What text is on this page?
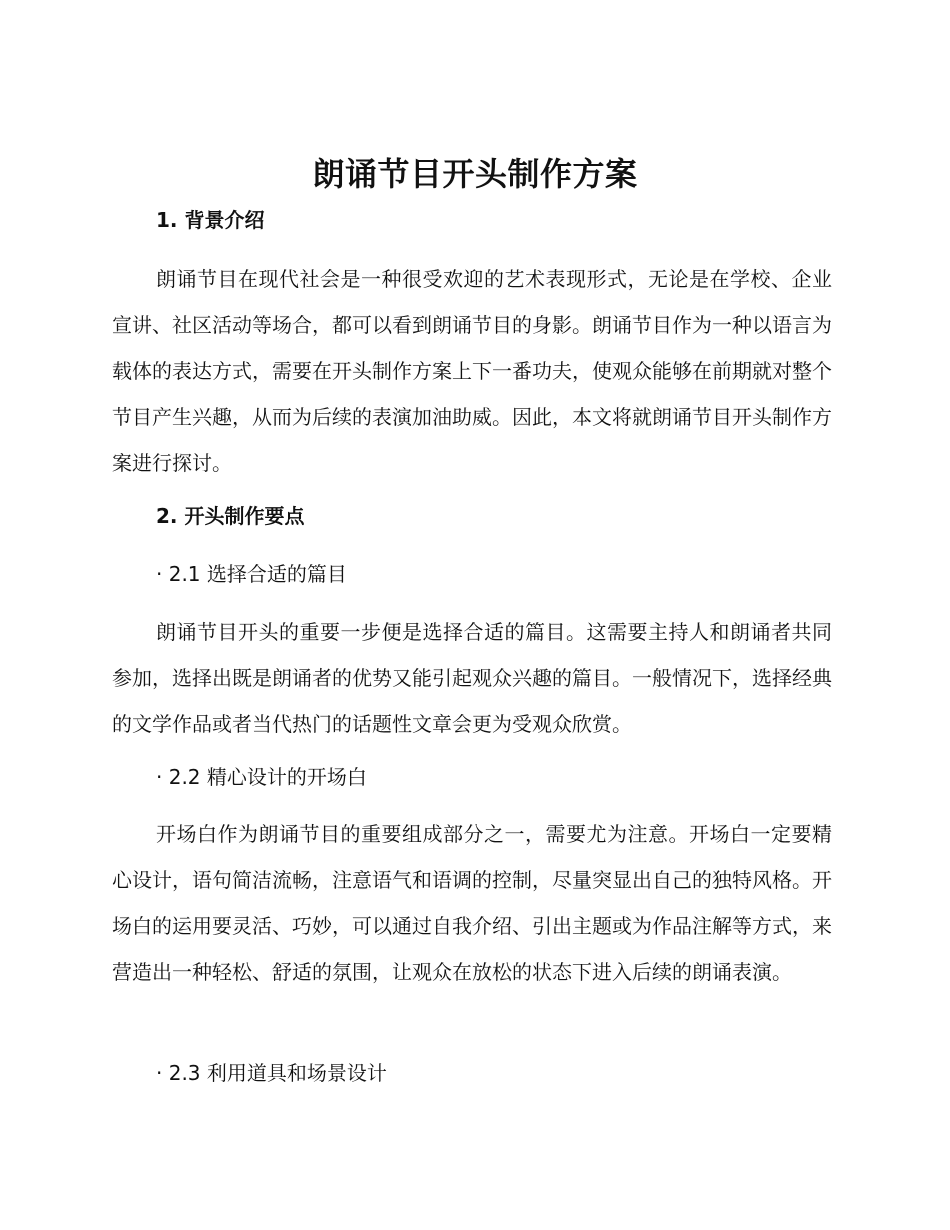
朗诵节目开头制作方案
1. 背景介绍
朗诵节目在现代社会是一种很受欢迎的艺术表现形式，无论是在学校、企业宣讲、社区活动等场合，都可以看到朗诵节目的身影。朗诵节目作为一种以语言为载体的表达方式，需要在开头制作方案上下一番功夫，使观众能够在前期就对整个节目产生兴趣，从而为后续的表演加油助威。因此，本文将就朗诵节目开头制作方案进行探讨。
2. 开头制作要点
· 2.1 选择合适的篇目
朗诵节目开头的重要一步便是选择合适的篇目。这需要主持人和朗诵者共同参加，选择出既是朗诵者的优势又能引起观众兴趣的篇目。一般情况下，选择经典的文学作品或者当代热门的话题性文章会更为受观众欣赏。
· 2.2 精心设计的开场白
开场白作为朗诵节目的重要组成部分之一，需要尤为注意。开场白一定要精心设计，语句简洁流畅，注意语气和语调的控制，尽量突显出自己的独特风格。开场白的运用要灵活、巧妙，可以通过自我介绍、引出主题或为作品注解等方式，来营造出一种轻松、舒适的氛围，让观众在放松的状态下进入后续的朗诵表演。
· 2.3 利用道具和场景设计
